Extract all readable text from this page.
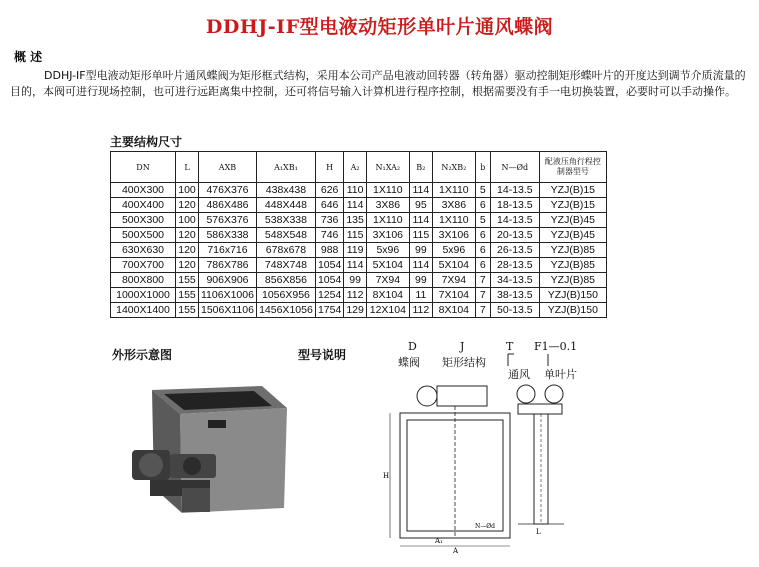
DDHJ-IF型电液动矩形单叶片通风蝶阀
概 述
DDHJ-IF型电液动矩形单叶片通风蝶阀为矩形框式结构，采用本公司产品电液动回转器（转角器）驱动控制矩形蝶叶片的开度达到调节介质流量的目的，本阀可进行现场控制，也可进行远距离集中控制，还可将信号输入计算机进行程序控制，根据需要没有手一电切换装置，必要时可以手动操作。
主要结构尺寸
DN	L	AXB	A₁XB₁	H	A₂	N₁XA₂	B₂	N₂XB₂	b	N—Ød	配液压角行程控制器型号
400X300	100	476X376	438x438	626	110	1X110	114	1X110	5	14-13.5	YZJ(B)15
400X400	120	486X486	448X448	646	114	3X86	95	3X86	6	18-13.5	YZJ(B)15
500X300	100	576X376	538X338	736	135	1X110	114	1X110	5	14-13.5	YZJ(B)45
500X500	120	586X338	548X548	746	115	3X106	115	3X106	6	20-13.5	YZJ(B)45
630X630	120	716x716	678x678	988	119	5x96	99	5x96	6	26-13.5	YZJ(B)85
700X700	120	786X786	748X748	1054	114	5X104	114	5X104	6	28-13.5	YZJ(B)85
800X800	155	906X906	856X856	1054	99	7X94	99	7X94	7	34-13.5	YZJ(B)85
1000X1000	155	1106X1006	1056X956	1254	112	8X104	11	7X104	7	38-13.5	YZJ(B)150
1400X1400	155	1506X1106	1456X1056	1754	129	12X104	112	8X104	7	50-13.5	YZJ(B)150
外形示意图	型号说明
D
蝶阀
J
矩形结构
T
通风
F1—0.1
单叶片
H
A
A₁
N—Ød
L
